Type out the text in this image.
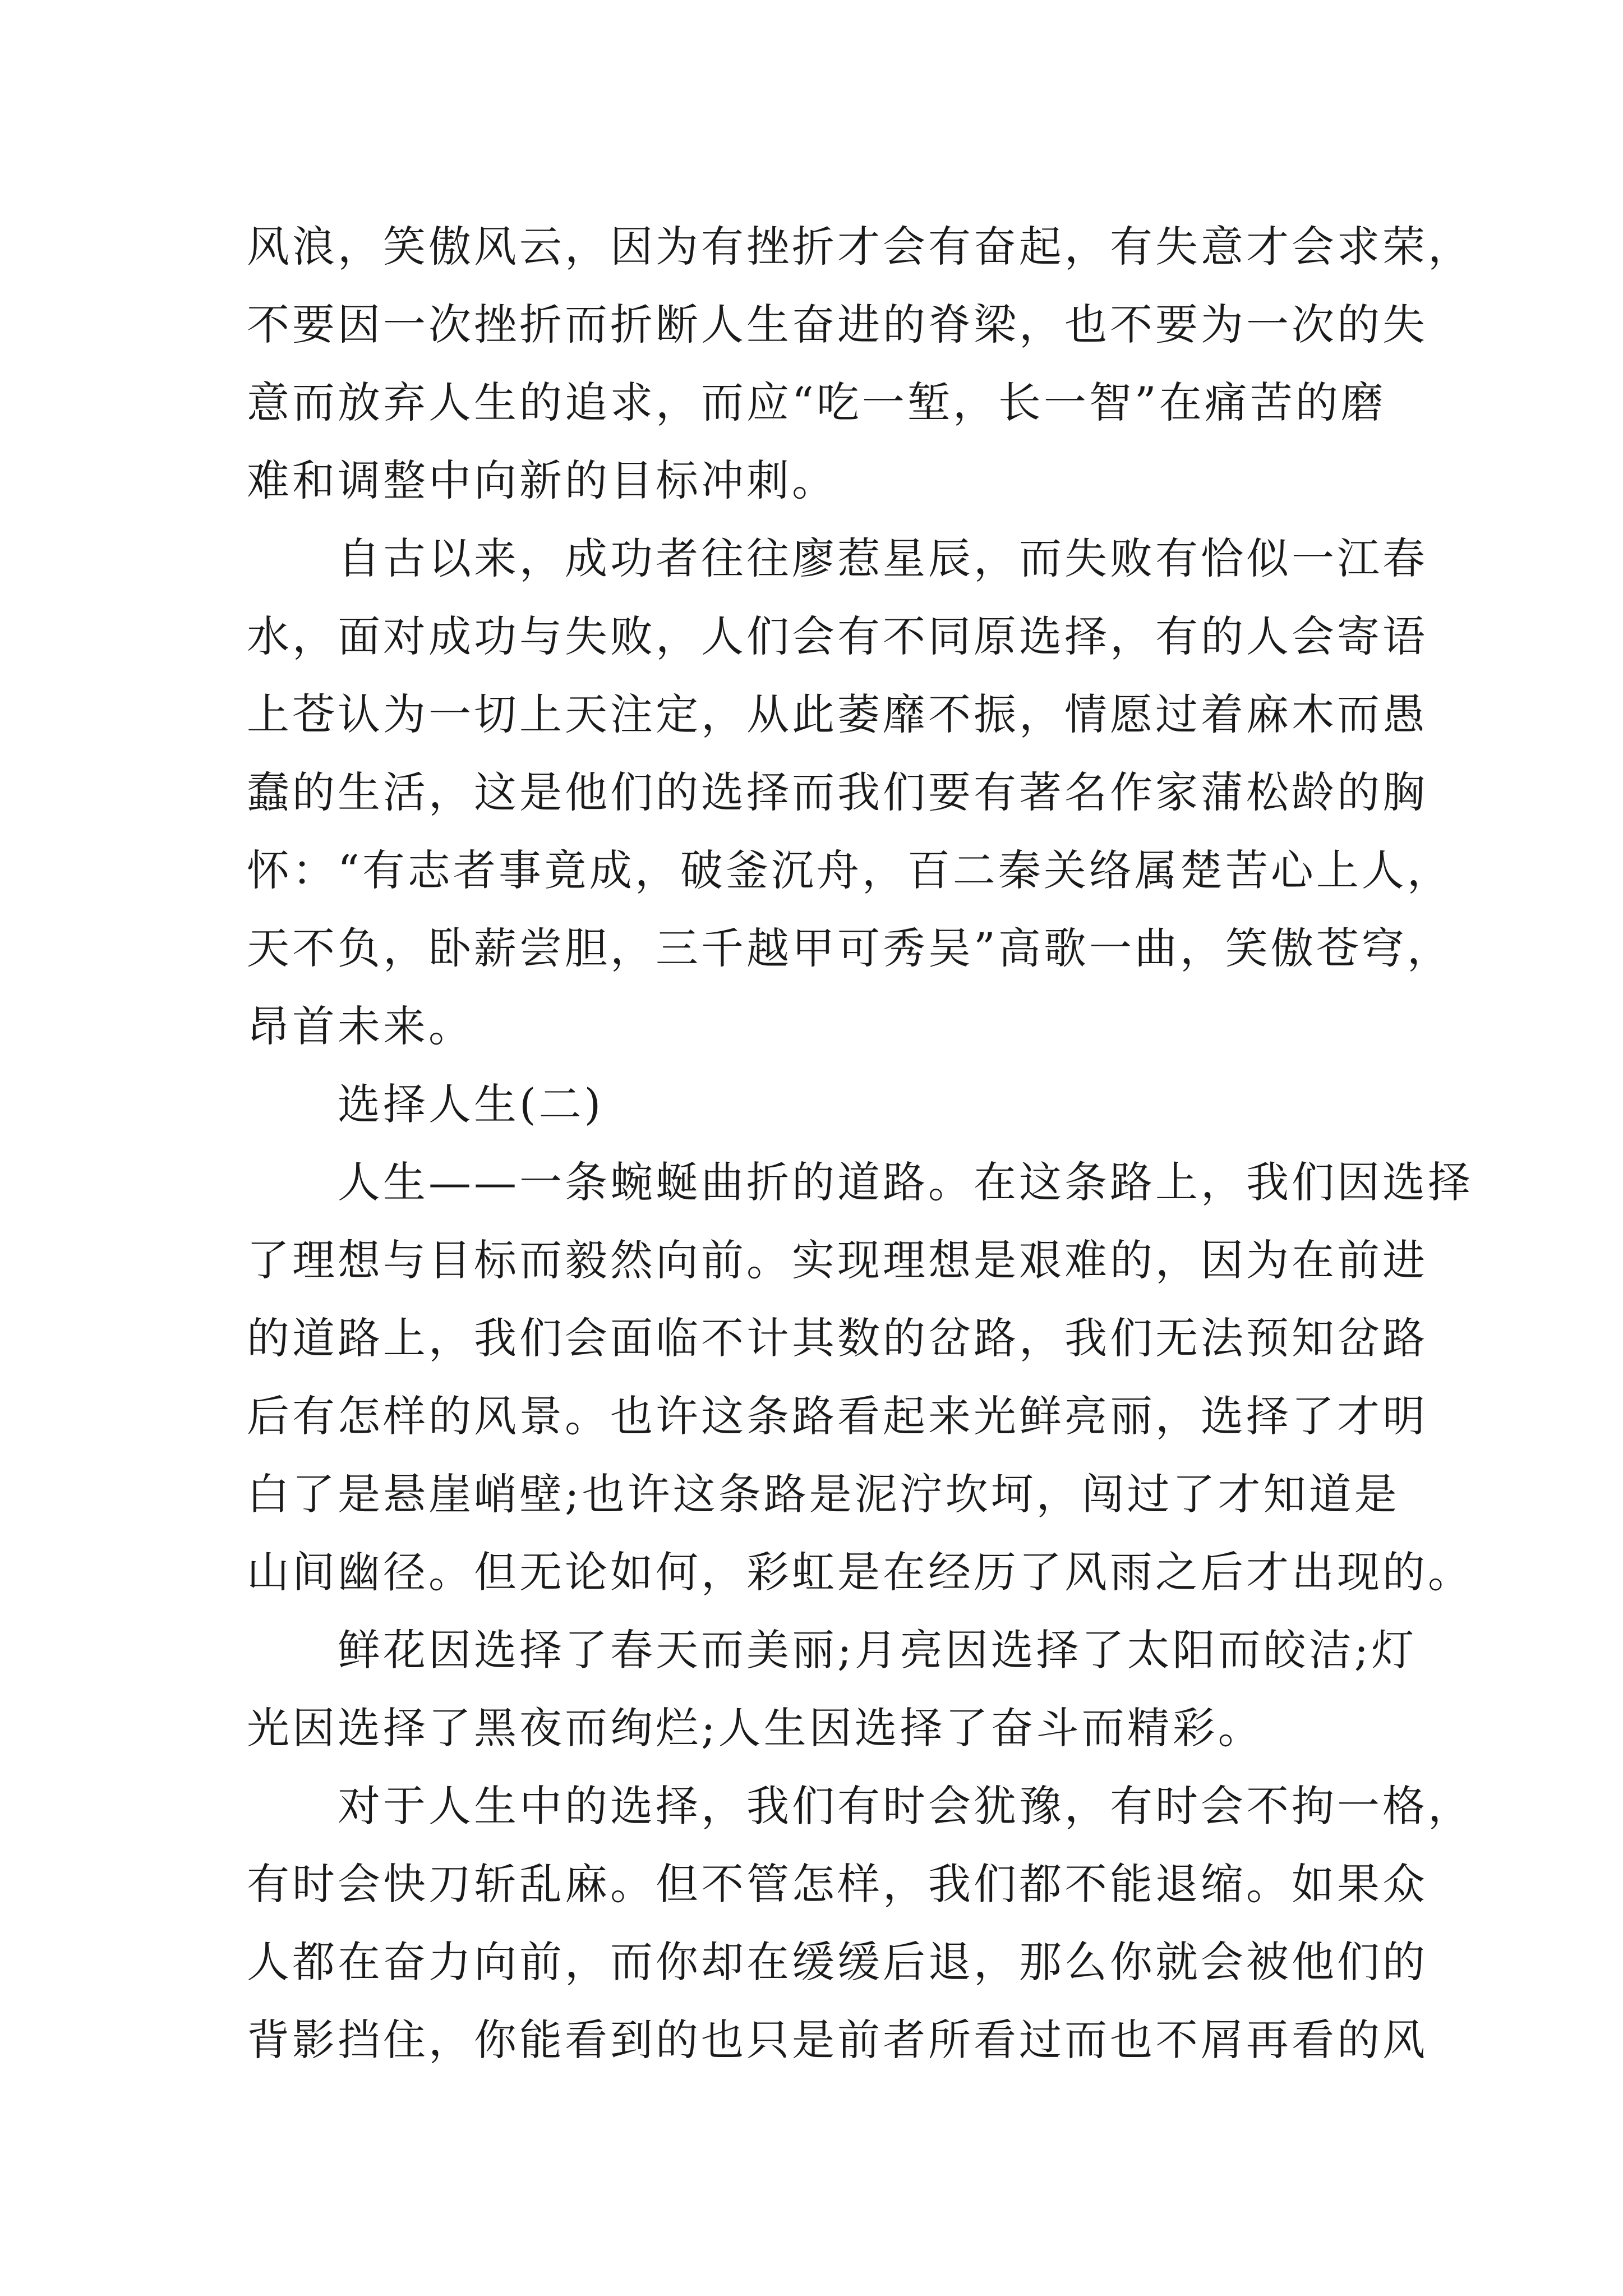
风浪，笑傲风云，因为有挫折才会有奋起，有失意才会求荣，
不要因一次挫折而折断人生奋进的脊梁，也不要为一次的失
意而放弃人生的追求，而应“吃一堑，长一智”在痛苦的磨
难和调整中向新的目标冲刺。
自古以来，成功者往往廖惹星辰，而失败有恰似一江春
水，面对成功与失败，人们会有不同原选择，有的人会寄语
上苍认为一切上天注定，从此萎靡不振，情愿过着麻木而愚
蠢的生活，这是他们的选择而我们要有著名作家蒲松龄的胸
怀：“有志者事竟成，破釜沉舟，百二秦关络属楚苦心上人，
天不负，卧薪尝胆，三千越甲可秀吴”高歌一曲，笑傲苍穹，
昂首未来。
选择人生(二)
人生——一条蜿蜒曲折的道路。在这条路上，我们因选择
了理想与目标而毅然向前。实现理想是艰难的，因为在前进
的道路上，我们会面临不计其数的岔路，我们无法预知岔路
后有怎样的风景。也许这条路看起来光鲜亮丽，选择了才明
白了是悬崖峭壁;也许这条路是泥泞坎坷，闯过了才知道是
山间幽径。但无论如何，彩虹是在经历了风雨之后才出现的。
鲜花因选择了春天而美丽;月亮因选择了太阳而皎洁;灯
光因选择了黑夜而绚烂;人生因选择了奋斗而精彩。
对于人生中的选择，我们有时会犹豫，有时会不拘一格，
有时会快刀斩乱麻。但不管怎样，我们都不能退缩。如果众
人都在奋力向前，而你却在缓缓后退，那么你就会被他们的
背影挡住，你能看到的也只是前者所看过而也不屑再看的风
